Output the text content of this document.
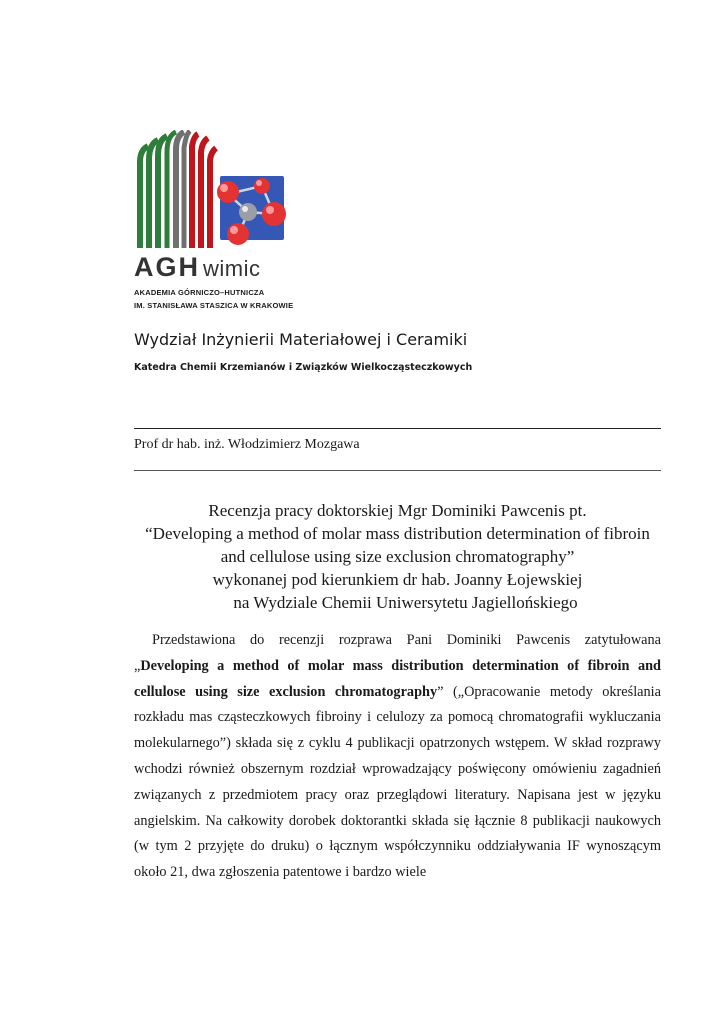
AGH wimic
AKADEMIA GÓRNICZO–HUTNICZA
IM. STANISŁAWA STASZICA W KRAKOWIE
Wydział Inżynierii Materiałowej i Ceramiki
Katedra Chemii Krzemianów i Związków Wielkocząsteczkowych
Prof dr hab. inż. Włodzimierz Mozgawa
Recenzja pracy doktorskiej Mgr Dominiki Pawcenis pt.
“Developing a method of molar mass distribution determination of fibroin
and cellulose using size exclusion chromatography”
wykonanej pod kierunkiem dr hab. Joanny Łojewskiej
na Wydziale Chemii Uniwersytetu Jagiellońskiego

Przedstawiona do recenzji rozprawa Pani Dominiki Pawcenis zatytułowana „Developing a method of molar mass distribution determination of fibroin and cellulose using size exclusion chromatography” („Opracowanie metody określania rozkładu mas cząsteczkowych fibroiny i celulozy za pomocą chromatografii wykluczania molekularnego”) składa się z cyklu 4 publikacji opatrzonych wstępem. W skład rozprawy wchodzi również obszernym rozdział wprowadzający poświęcony omówieniu zagadnień związanych z przedmiotem pracy oraz przeglądowi literatury. Napisana jest w języku angielskim. Na całkowity dorobek doktorantki składa się łącznie 8 publikacji naukowych (w tym 2 przyjęte do druku) o łącznym współczynniku oddziaływania IF wynoszącym około 21, dwa zgłoszenia patentowe i bardzo wiele
